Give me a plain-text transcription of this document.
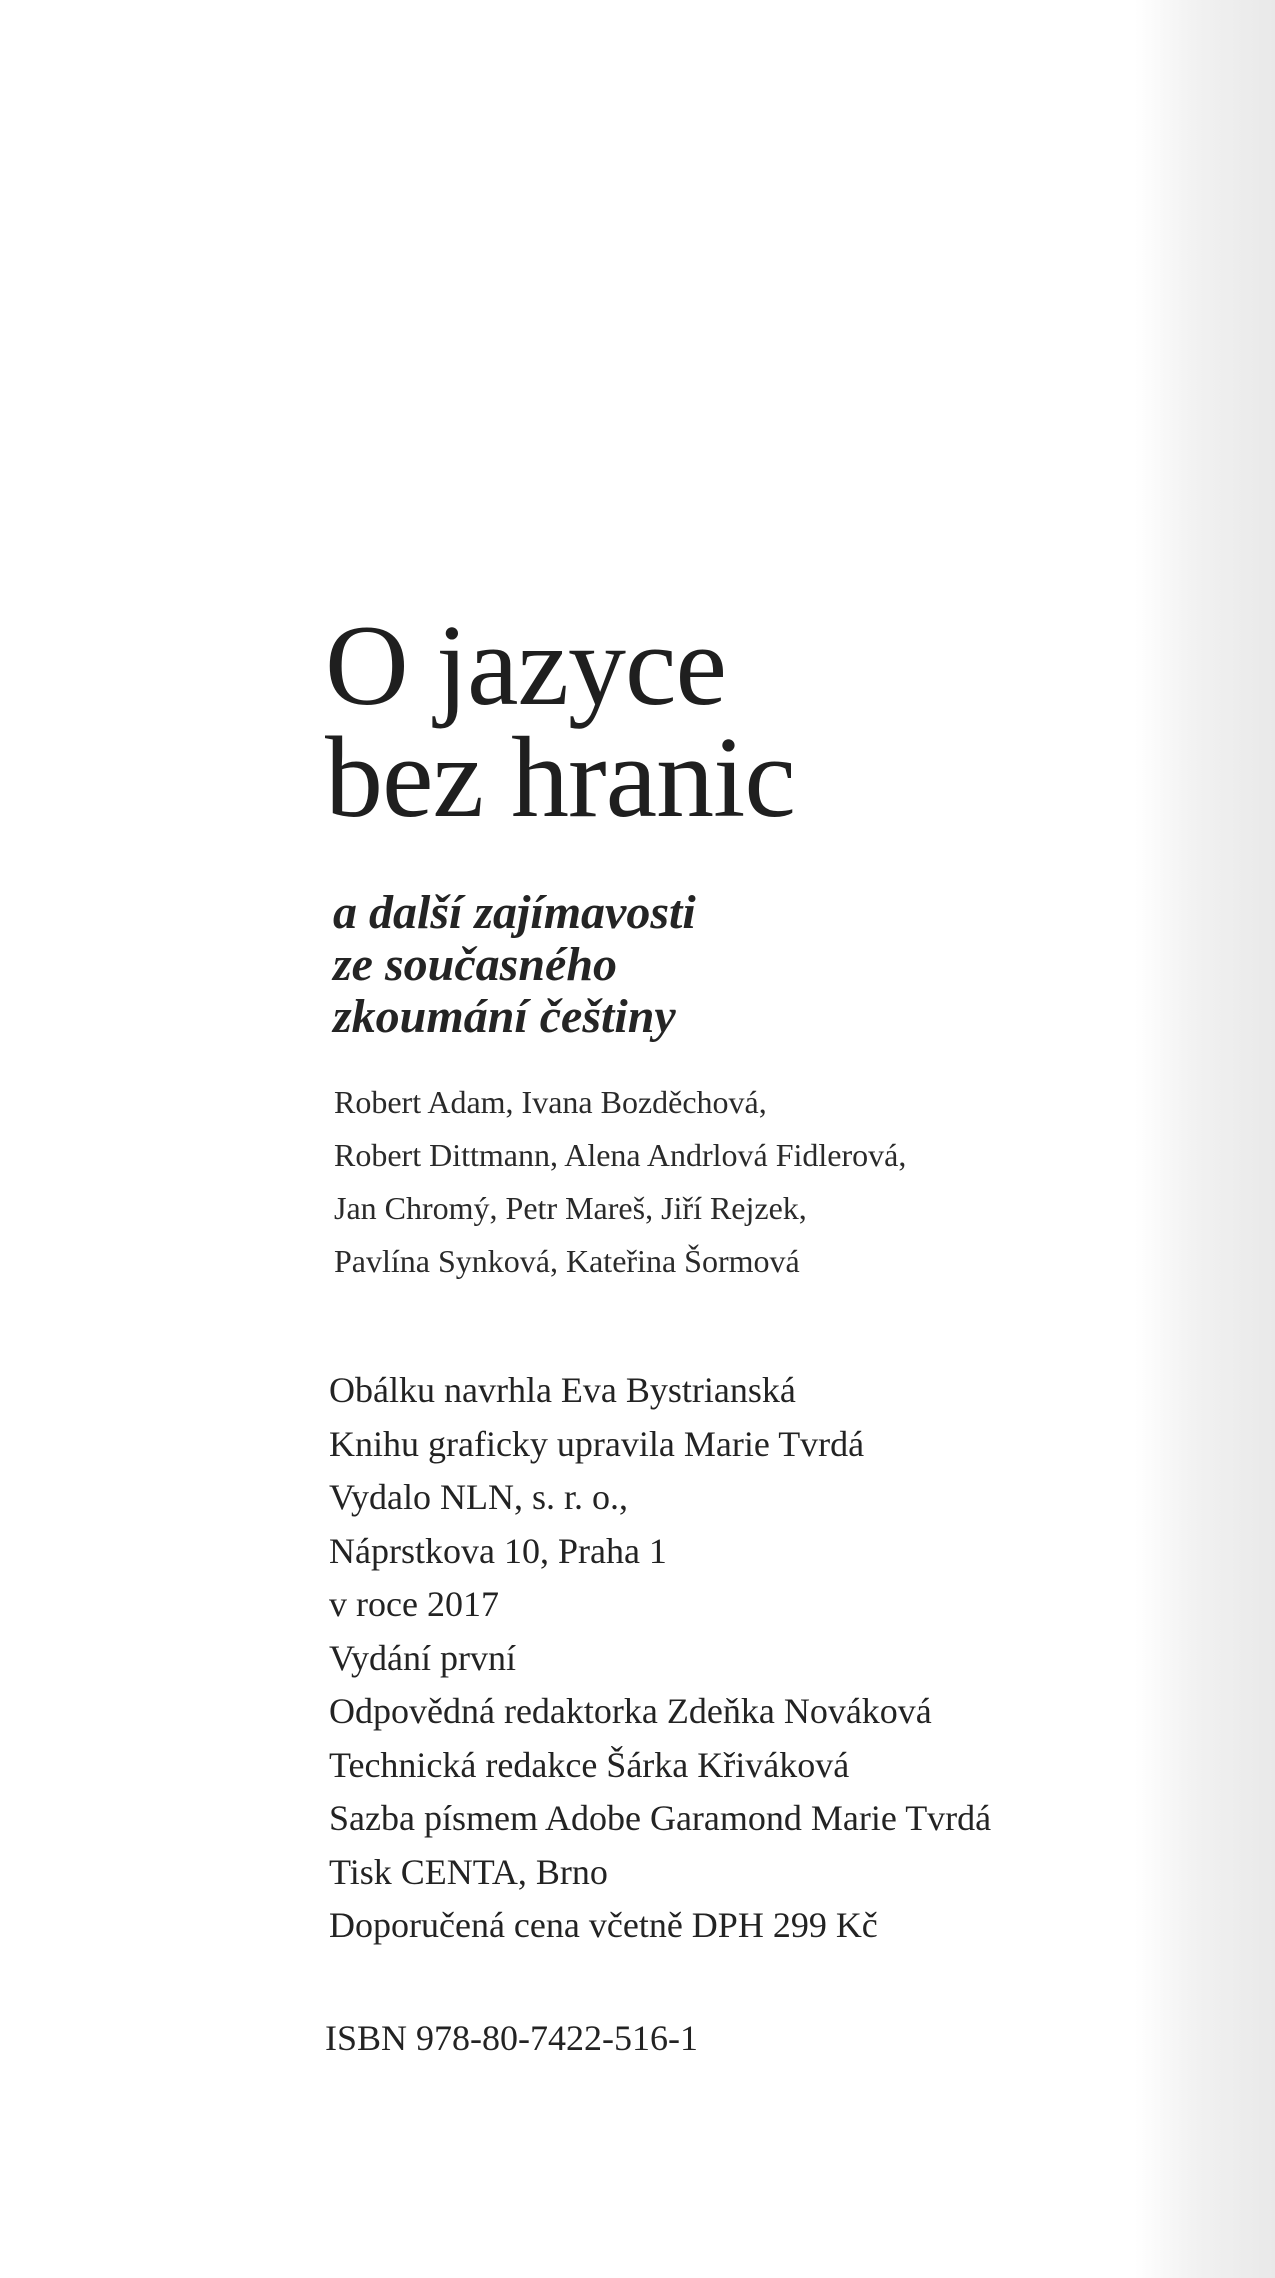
O jazyce
bez hranic
a další zajímavosti
ze současného
zkoumání češtiny
Robert Adam, Ivana Bozděchová,
Robert Dittmann, Alena Andrlová Fidlerová,
Jan Chromý, Petr Mareš, Jiří Rejzek,
Pavlína Synková, Kateřina Šormová
Obálku navrhla Eva Bystrianská
Knihu graficky upravila Marie Tvrdá
Vydalo NLN, s. r. o.,
Náprstkova 10, Praha 1
v roce 2017
Vydání první
Odpovědná redaktorka Zdeňka Nováková
Technická redakce Šárka Křiváková
Sazba písmem Adobe Garamond Marie Tvrdá
Tisk CENTA, Brno
Doporučená cena včetně DPH 299 Kč

ISBN 978-80-7422-516-1
